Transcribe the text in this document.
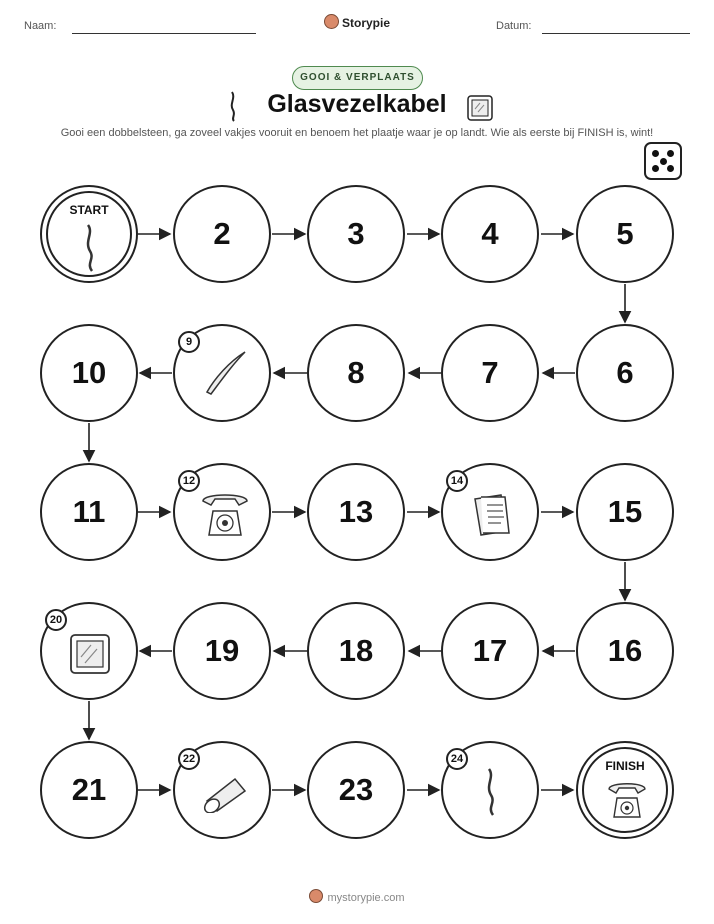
Naam:	Storypie	Datum:
GOOI & VERPLAATS
Glasvezelkabel
Gooi een dobbelsteen, ga zoveel vakjes vooruit en benoem het plaatje waar je op landt. Wie als eerste bij FINISH is, wint!
START
2	3	4	5
10
9
8	7	6
11
12
13
14
15
20
19	18	17	16
21
22
23
24	FINISH
mystorypie.com
